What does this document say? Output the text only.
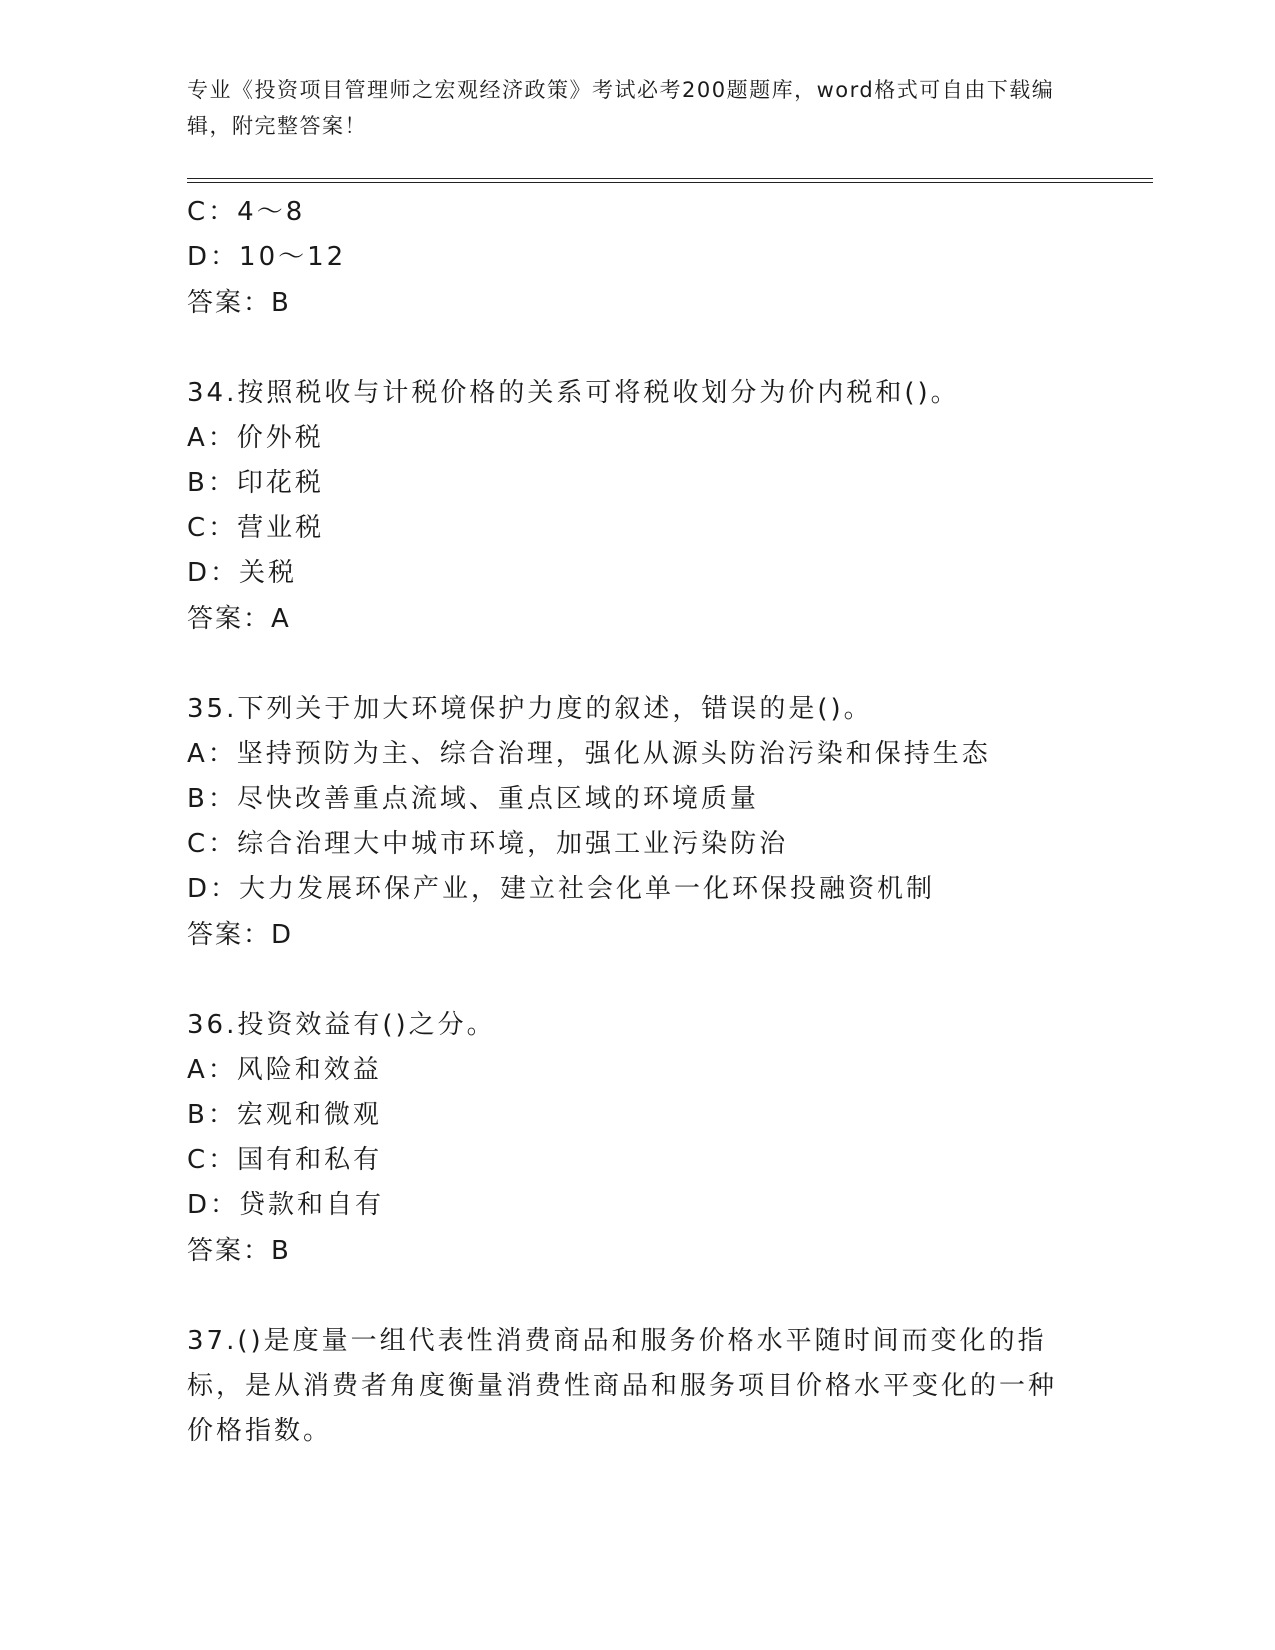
专业《投资项目管理师之宏观经济政策》考试必考200题题库，word格式可自由下载编辑，附完整答案！
C：4～8
D：10～12
答案：B
34.按照税收与计税价格的关系可将税收划分为价内税和()。
A：价外税
B：印花税
C：营业税
D：关税
答案：A
35.下列关于加大环境保护力度的叙述，错误的是()。
A：坚持预防为主、综合治理，强化从源头防治污染和保持生态
B：尽快改善重点流域、重点区域的环境质量
C：综合治理大中城市环境，加强工业污染防治
D：大力发展环保产业，建立社会化单一化环保投融资机制
答案：D
36.投资效益有()之分。
A：风险和效益
B：宏观和微观
C：国有和私有
D：贷款和自有
答案：B
37.()是度量一组代表性消费商品和服务价格水平随时间而变化的指标，是从消费者角度衡量消费性商品和服务项目价格水平变化的一种价格指数。
